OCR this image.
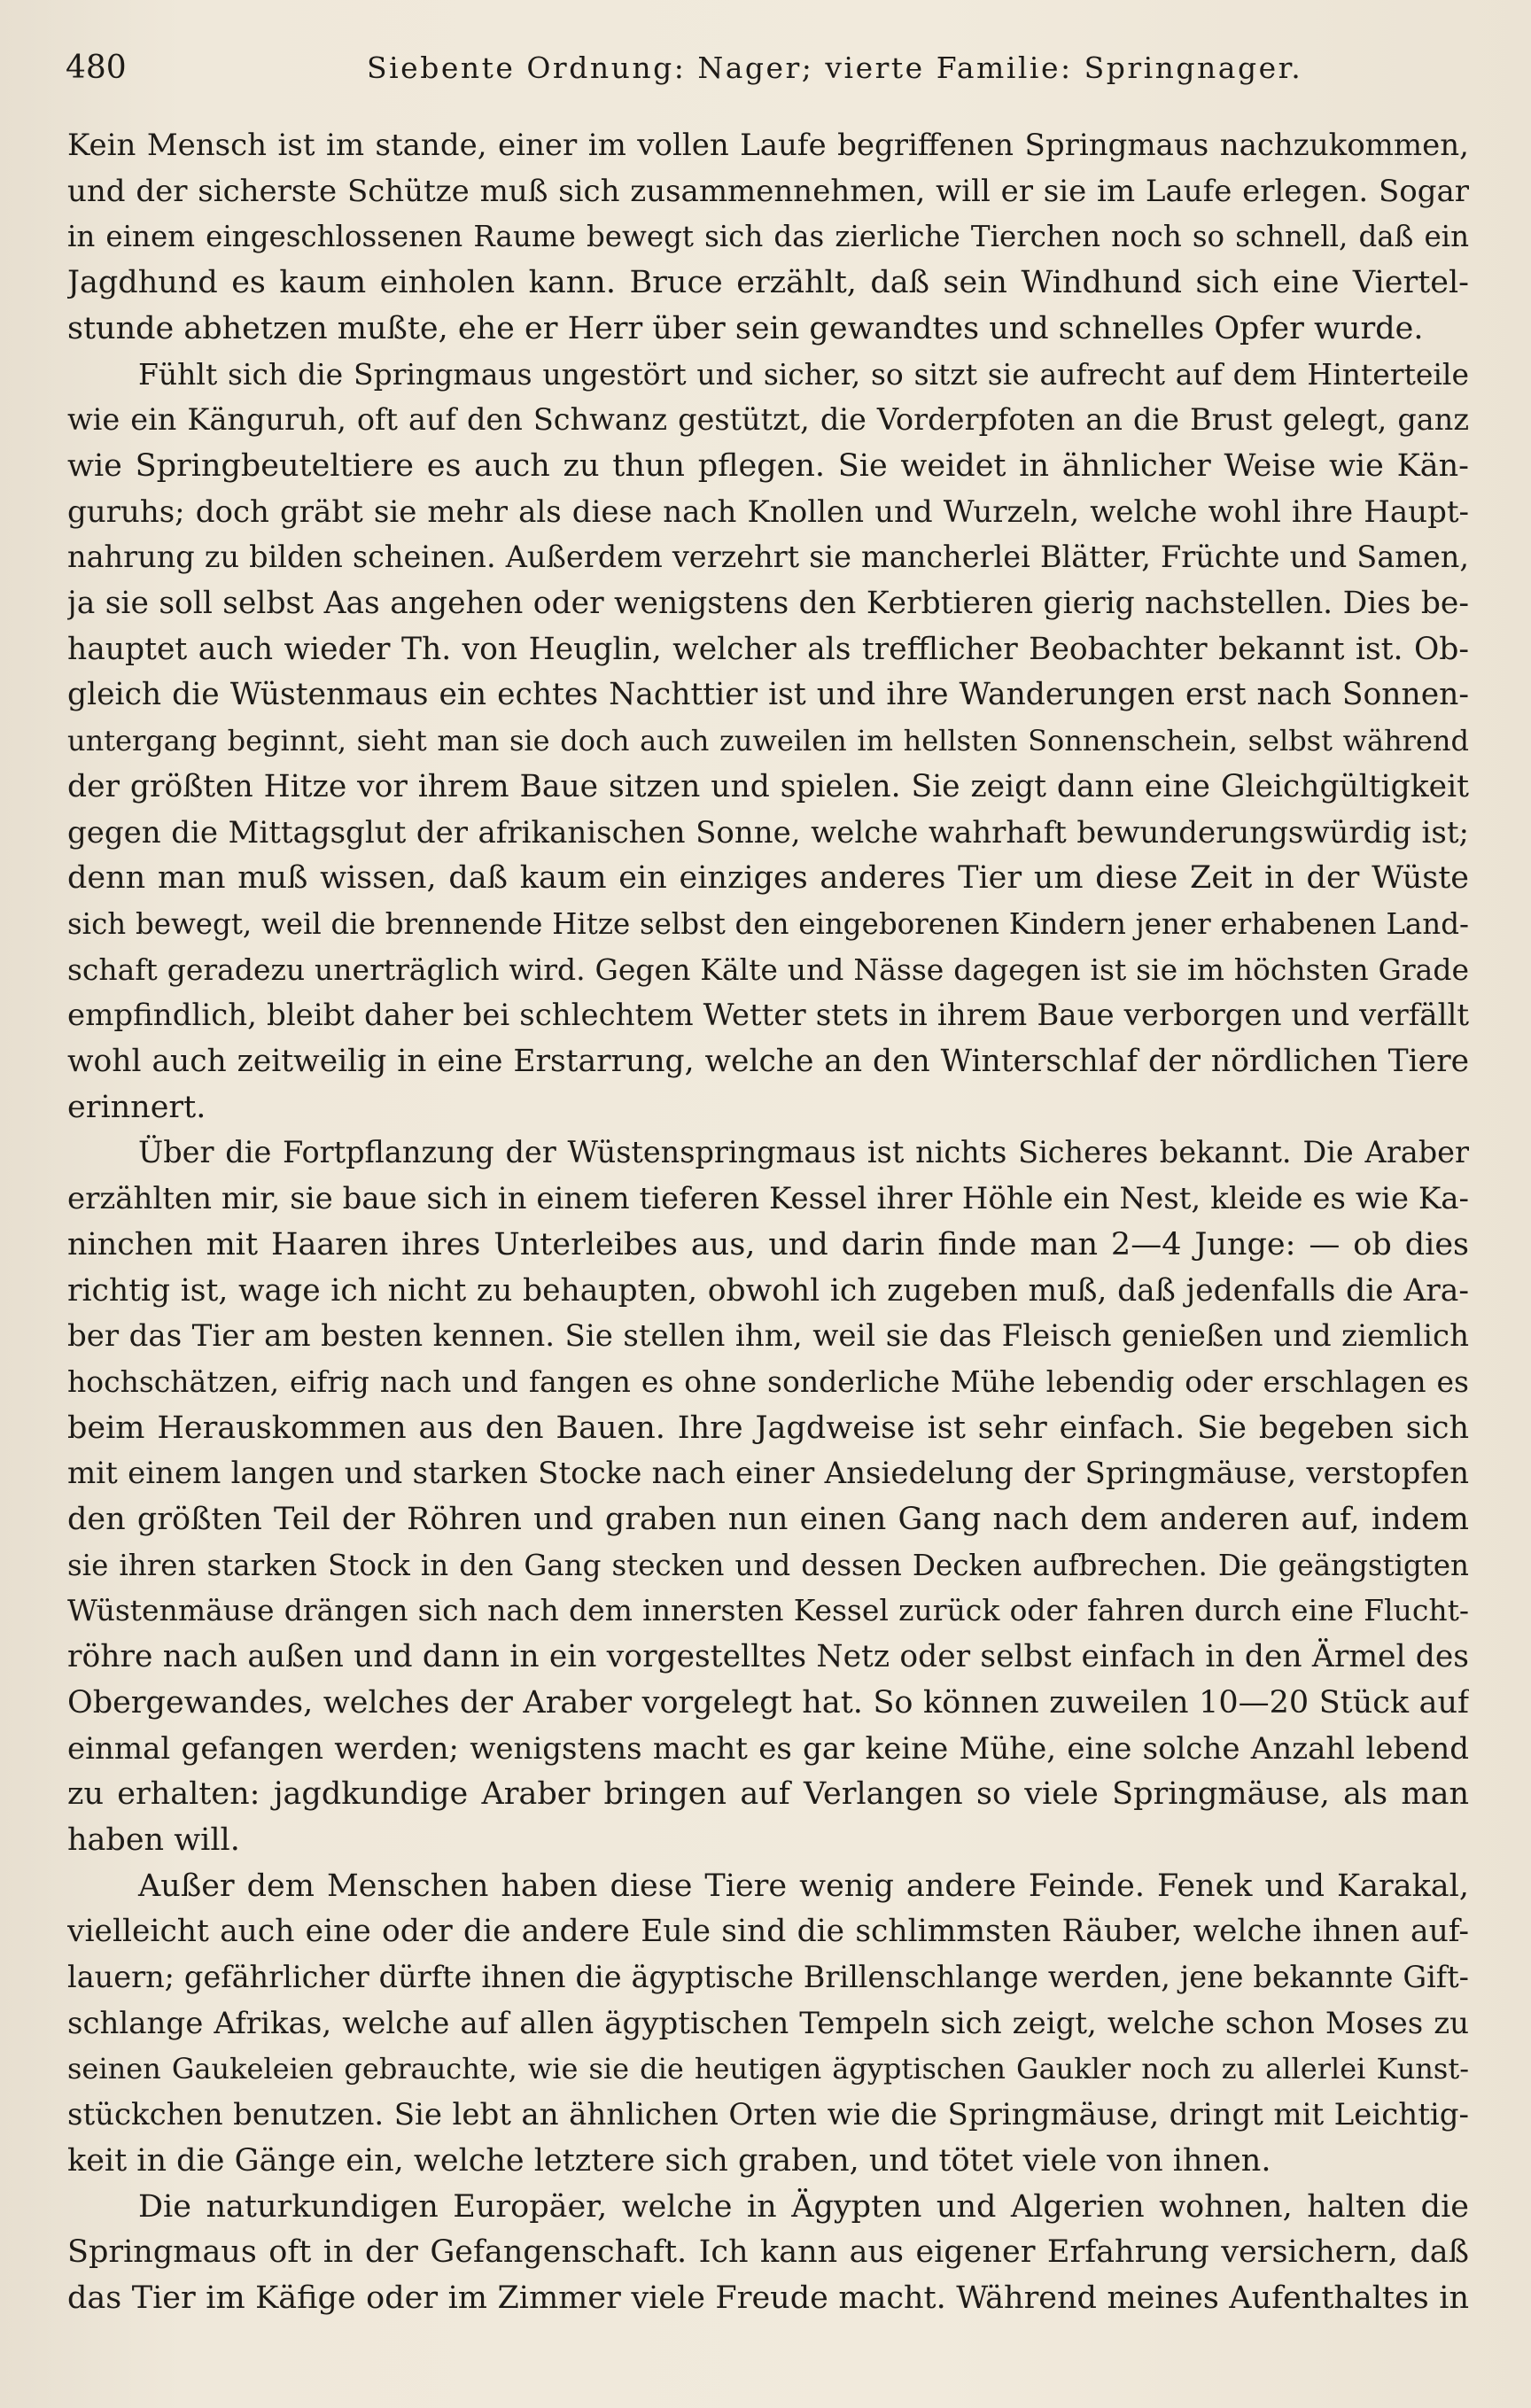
480	Siebente Ordnung: Nager; vierte Familie: Springnager.
Kein Mensch ist im stande, einer im vollen Laufe begriffenen Springmaus nachzukommen,
und der sicherste Schütze muß sich zusammennehmen, will er sie im Laufe erlegen. Sogar
in einem eingeschlossenen Raume bewegt sich das zierliche Tierchen noch so schnell, daß ein
Jagdhund es kaum einholen kann. Bruce erzählt, daß sein Windhund sich eine Viertel-
stunde abhetzen mußte, ehe er Herr über sein gewandtes und schnelles Opfer wurde.
Fühlt sich die Springmaus ungestört und sicher, so sitzt sie aufrecht auf dem Hinterteile
wie ein Känguruh, oft auf den Schwanz gestützt, die Vorderpfoten an die Brust gelegt, ganz
wie Springbeuteltiere es auch zu thun pflegen. Sie weidet in ähnlicher Weise wie Kän-
guruhs; doch gräbt sie mehr als diese nach Knollen und Wurzeln, welche wohl ihre Haupt-
nahrung zu bilden scheinen. Außerdem verzehrt sie mancherlei Blätter, Früchte und Samen,
ja sie soll selbst Aas angehen oder wenigstens den Kerbtieren gierig nachstellen. Dies be-
hauptet auch wieder Th. von Heuglin, welcher als trefflicher Beobachter bekannt ist. Ob-
gleich die Wüstenmaus ein echtes Nachttier ist und ihre Wanderungen erst nach Sonnen-
untergang beginnt, sieht man sie doch auch zuweilen im hellsten Sonnenschein, selbst während
der größten Hitze vor ihrem Baue sitzen und spielen. Sie zeigt dann eine Gleichgültigkeit
gegen die Mittagsglut der afrikanischen Sonne, welche wahrhaft bewunderungswürdig ist;
denn man muß wissen, daß kaum ein einziges anderes Tier um diese Zeit in der Wüste
sich bewegt, weil die brennende Hitze selbst den eingeborenen Kindern jener erhabenen Land-
schaft geradezu unerträglich wird. Gegen Kälte und Nässe dagegen ist sie im höchsten Grade
empfindlich, bleibt daher bei schlechtem Wetter stets in ihrem Baue verborgen und verfällt
wohl auch zeitweilig in eine Erstarrung, welche an den Winterschlaf der nördlichen Tiere
erinnert.
Über die Fortpflanzung der Wüstenspringmaus ist nichts Sicheres bekannt. Die Araber
erzählten mir, sie baue sich in einem tieferen Kessel ihrer Höhle ein Nest, kleide es wie Ka-
ninchen mit Haaren ihres Unterleibes aus, und darin finde man 2—4 Junge: — ob dies
richtig ist, wage ich nicht zu behaupten, obwohl ich zugeben muß, daß jedenfalls die Ara-
ber das Tier am besten kennen. Sie stellen ihm, weil sie das Fleisch genießen und ziemlich
hochschätzen, eifrig nach und fangen es ohne sonderliche Mühe lebendig oder erschlagen es
beim Herauskommen aus den Bauen. Ihre Jagdweise ist sehr einfach. Sie begeben sich
mit einem langen und starken Stocke nach einer Ansiedelung der Springmäuse, verstopfen
den größten Teil der Röhren und graben nun einen Gang nach dem anderen auf, indem
sie ihren starken Stock in den Gang stecken und dessen Decken aufbrechen. Die geängstigten
Wüstenmäuse drängen sich nach dem innersten Kessel zurück oder fahren durch eine Flucht-
röhre nach außen und dann in ein vorgestelltes Netz oder selbst einfach in den Ärmel des
Obergewandes, welches der Araber vorgelegt hat. So können zuweilen 10—20 Stück auf
einmal gefangen werden; wenigstens macht es gar keine Mühe, eine solche Anzahl lebend
zu erhalten: jagdkundige Araber bringen auf Verlangen so viele Springmäuse, als man
haben will.
Außer dem Menschen haben diese Tiere wenig andere Feinde. Fenek und Karakal,
vielleicht auch eine oder die andere Eule sind die schlimmsten Räuber, welche ihnen auf-
lauern; gefährlicher dürfte ihnen die ägyptische Brillenschlange werden, jene bekannte Gift-
schlange Afrikas, welche auf allen ägyptischen Tempeln sich zeigt, welche schon Moses zu
seinen Gaukeleien gebrauchte, wie sie die heutigen ägyptischen Gaukler noch zu allerlei Kunst-
stückchen benutzen. Sie lebt an ähnlichen Orten wie die Springmäuse, dringt mit Leichtig-
keit in die Gänge ein, welche letztere sich graben, und tötet viele von ihnen.
Die naturkundigen Europäer, welche in Ägypten und Algerien wohnen, halten die
Springmaus oft in der Gefangenschaft. Ich kann aus eigener Erfahrung versichern, daß
das Tier im Käfige oder im Zimmer viele Freude macht. Während meines Aufenthaltes in
